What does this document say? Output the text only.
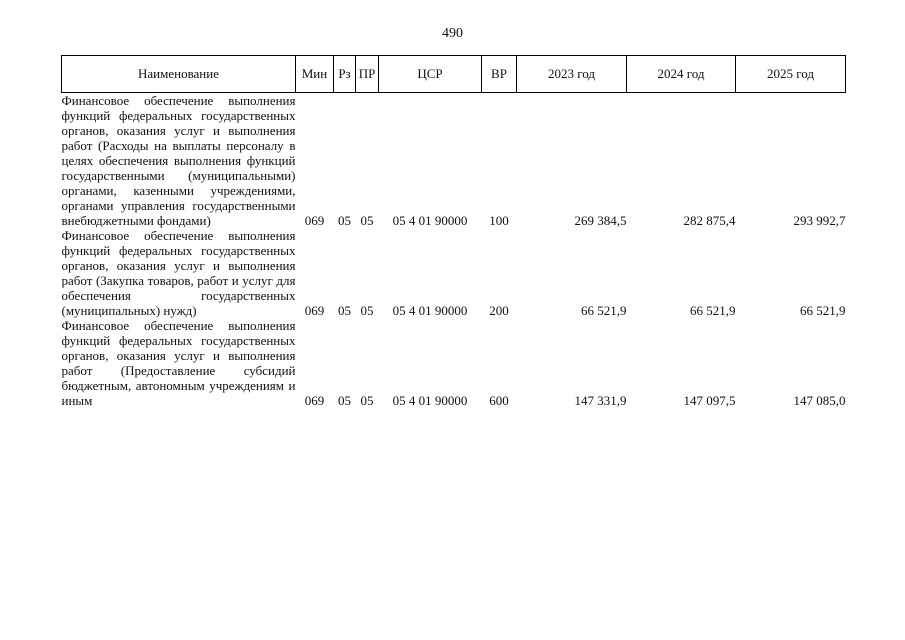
490
Наименование	Мин	Рз	ПР	ЦСР	ВР	2023 год	2024 год	2025 год
Финансовое обеспечение выполнения функций федеральных государственных органов, оказания услуг и выполнения работ (Расходы на выплаты персоналу в целях обеспечения выполнения функций государственными (муниципальными) органами, казенными учреждениями, органами управления государственными внебюджетными фондами)	069	05	05	05 4 01 90000	100	269 384,5	282 875,4	293 992,7
Финансовое обеспечение выполнения функций федеральных государственных органов, оказания услуг и выполнения работ (Закупка товаров, работ и услуг для обеспечения государственных (муниципальных) нужд)	069	05	05	05 4 01 90000	200	66 521,9	66 521,9	66 521,9
Финансовое обеспечение выполнения функций федеральных государственных органов, оказания услуг и выполнения работ (Предоставление субсидий бюджетным, автономным учреждениям и иным	069	05	05	05 4 01 90000	600	147 331,9	147 097,5	147 085,0
